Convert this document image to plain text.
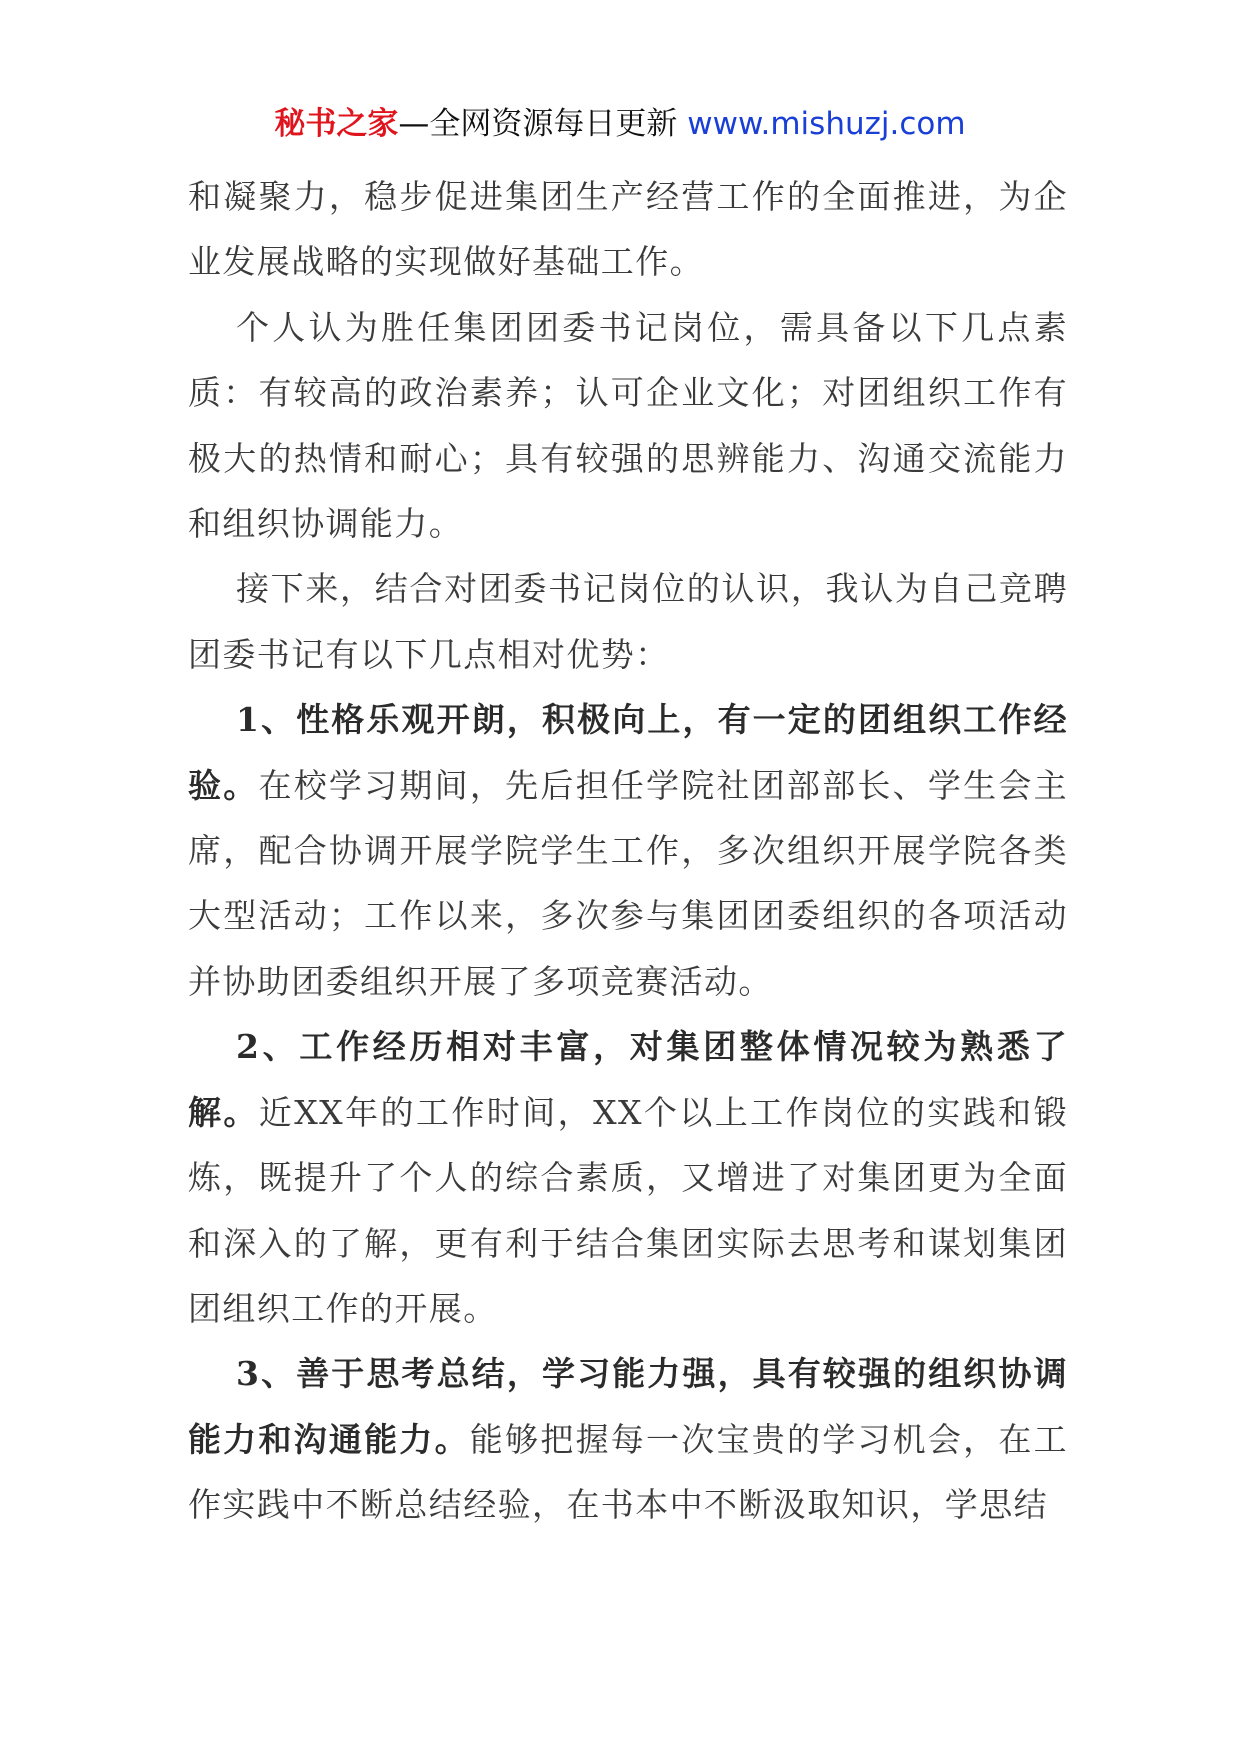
秘书之家—全网资源每日更新 www.mishuzj.com

和凝聚力，稳步促进集团生产经营工作的全面推进，为企业发展战略的实现做好基础工作。

个人认为胜任集团团委书记岗位，需具备以下几点素质：有较高的政治素养；认可企业文化；对团组织工作有极大的热情和耐心；具有较强的思辨能力、沟通交流能力和组织协调能力。

接下来，结合对团委书记岗位的认识，我认为自己竞聘团委书记有以下几点相对优势：

1、性格乐观开朗，积极向上，有一定的团组织工作经验。在校学习期间，先后担任学院社团部部长、学生会主席，配合协调开展学院学生工作，多次组织开展学院各类大型活动；工作以来，多次参与集团团委组织的各项活动并协助团委组织开展了多项竞赛活动。

2、工作经历相对丰富，对集团整体情况较为熟悉了解。近XX年的工作时间，XX个以上工作岗位的实践和锻炼，既提升了个人的综合素质，又增进了对集团更为全面和深入的了解，更有利于结合集团实际去思考和谋划集团团组织工作的开展。

3、善于思考总结，学习能力强，具有较强的组织协调能力和沟通能力。能够把握每一次宝贵的学习机会，在工作实践中不断总结经验，在书本中不断汲取知识，学思结
